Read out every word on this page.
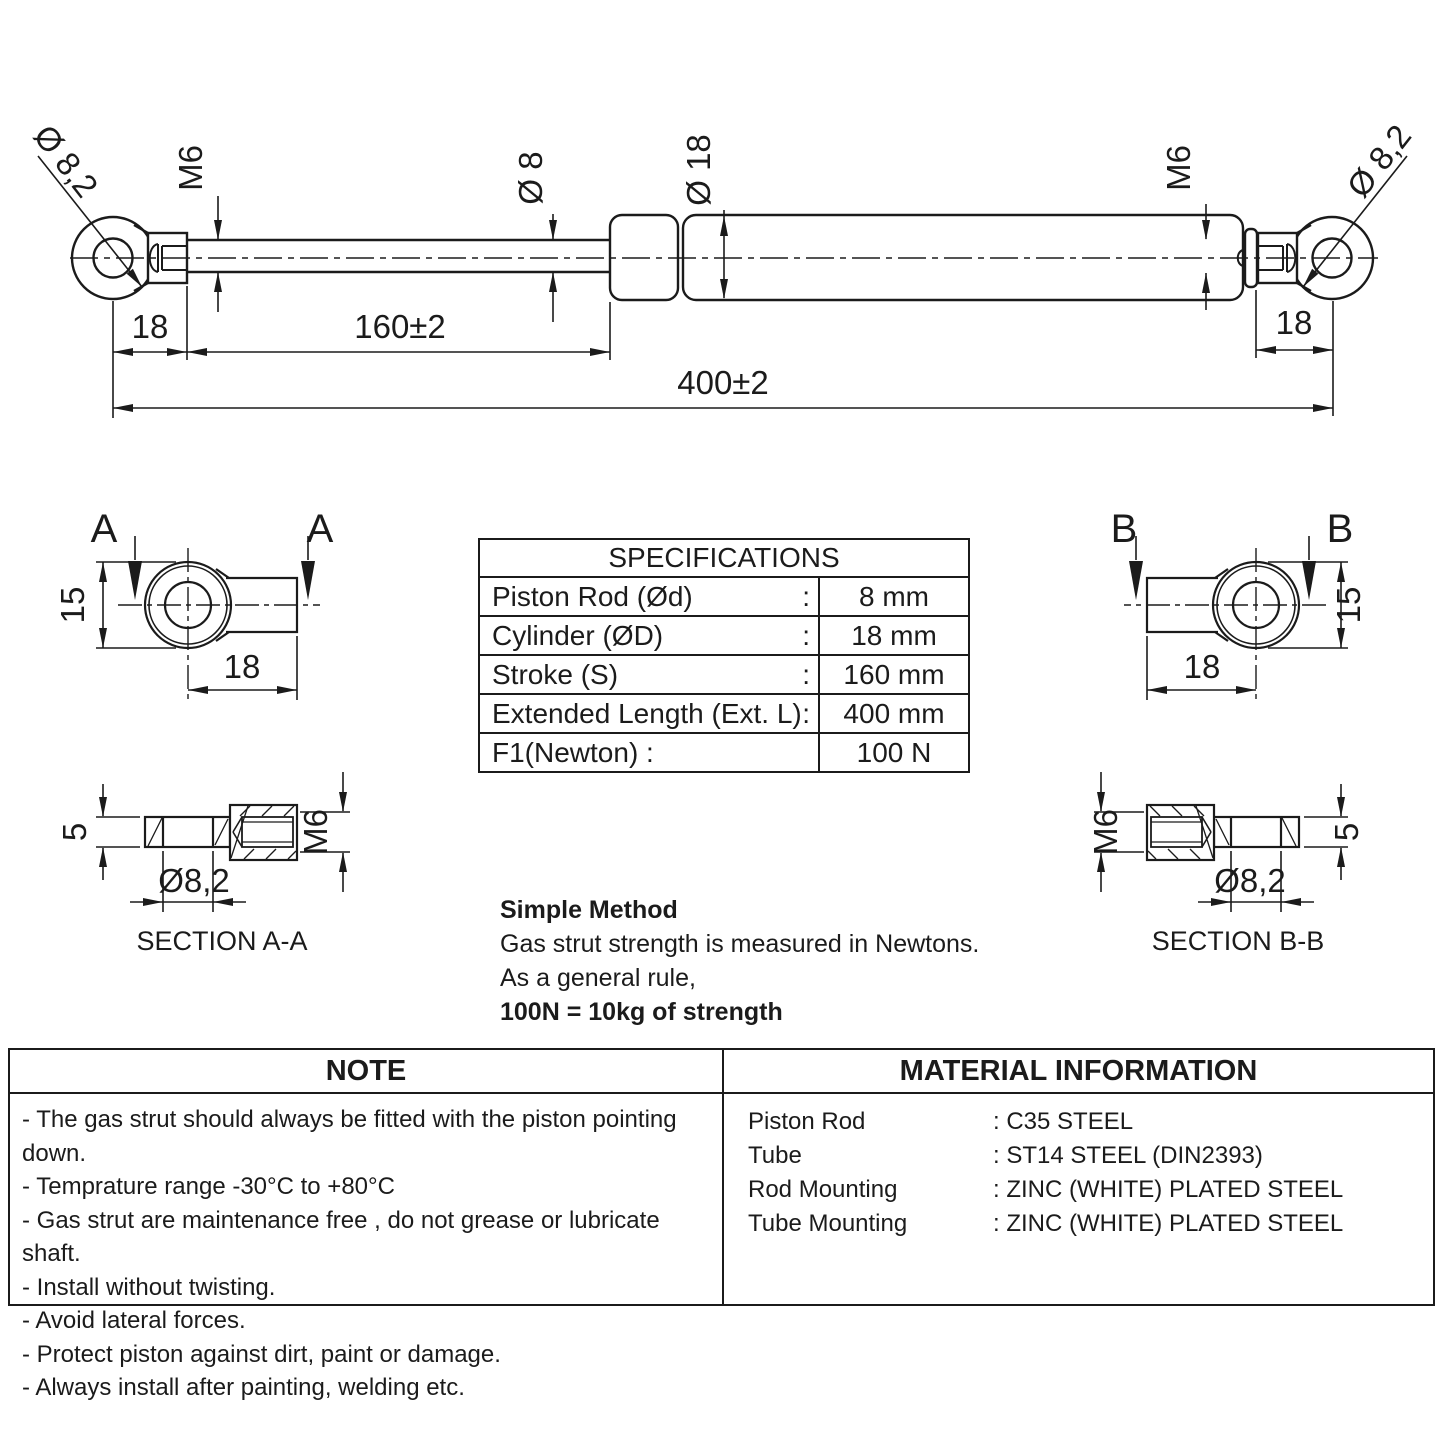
Ø 8,2 M6	Ø 8	Ø 18	M6	Ø 8,2
18	160±2
400±2
18
A	A
15
18
5
Ø8,2
M6
SECTION A-A
B	B
15
18
M6
Ø8,2
5
SECTION B-B
SPECIFICATIONS
Piston Rod (Ød)	:	8 mm
Cylinder (ØD)	:	18 mm
Stroke (S)	:	160 mm
Extended Length (Ext. L) :	400 mm
F1(Newton) :	100 N
Simple Method
Gas strut strength is measured in Newtons.
As a general rule,
100N = 10kg of strength
NOTE
- The gas strut should always be fitted with the piston pointing down.
- Temprature range -30°C to +80°C
- Gas strut are maintenance free , do not grease or lubricate shaft.
- Install without twisting.
- Avoid lateral forces.
- Protect piston against dirt, paint or damage.
- Always install after painting, welding etc.
MATERIAL INFORMATION
Piston Rod	: C35 STEEL
Tube	: ST14 STEEL (DIN2393)
Rod Mounting	: ZINC (WHITE) PLATED STEEL
Tube Mounting	: ZINC (WHITE) PLATED STEEL
